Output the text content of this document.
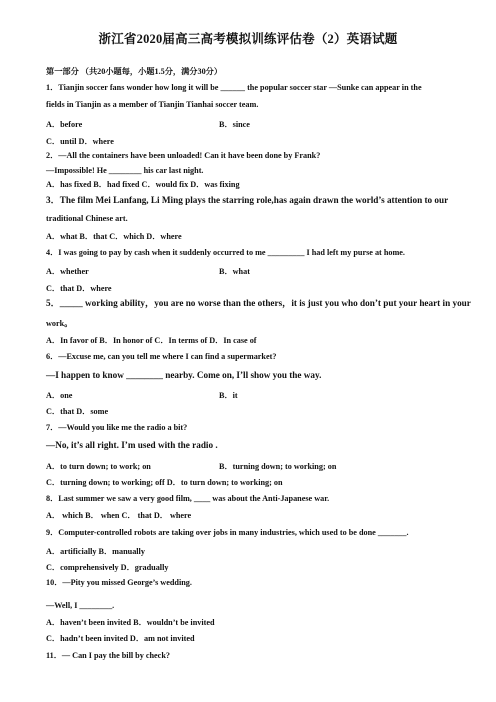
浙江省2020届高三高考模拟训练评估卷（2）英语试题
第一部分 （共20小题每，小题1.5分，满分30分）
1．Tianjin soccer fans wonder how long it will be ______ the popular soccer star —Sunke can appear in the
fields in Tianjin as a member of Tianjin Tianhai soccer team.
A．before	B．since
C．until D．where
2．—All the containers have been unloaded! Can it have been done by Frank?
—Impossible! He ________ his car last night.
A．has fixed B．had fixed C．would fix D．was fixing
3．The film Mei Lanfang, Li Ming plays the starring role,has again drawn the world’s attention to our
traditional Chinese art.
A．what B．that C．which D．where
4．I was going to pay by cash when it suddenly occurred to me _________ I had left my purse at home.
A．whether	B．what
C．that D．where
5．_____ working ability，you are no worse than the others，it is just you who don’t put your heart in your
work。
A．In favor of B．In honor of C．In terms of D．In case of
6．—Excuse me, can you tell me where I can find a supermarket?
—I happen to know ________ nearby. Come on, I’ll show you the way.
A．one	B．it
C．that D．some
7．—Would you like me the radio a bit?
—No, it’s all right. I’m used with the radio .
A．to turn down; to work; on	B．turning down; to working; on
C．turning down; to working; off D．to turn down; to working; on
8．Last summer we saw a very good film, ____ was about the Anti-Japanese war.
A． which B． when C． that D． where
9．Computer-controlled robots are taking over jobs in many industries, which used to be done _______.
A．artificially B．manually
C．comprehensively D．gradually
10．—Pity you missed George’s wedding.
—Well, I ________.
A．haven’t been invited B．wouldn’t be invited
C．hadn’t been invited D．am not invited
11．— Can I pay the bill by check?
